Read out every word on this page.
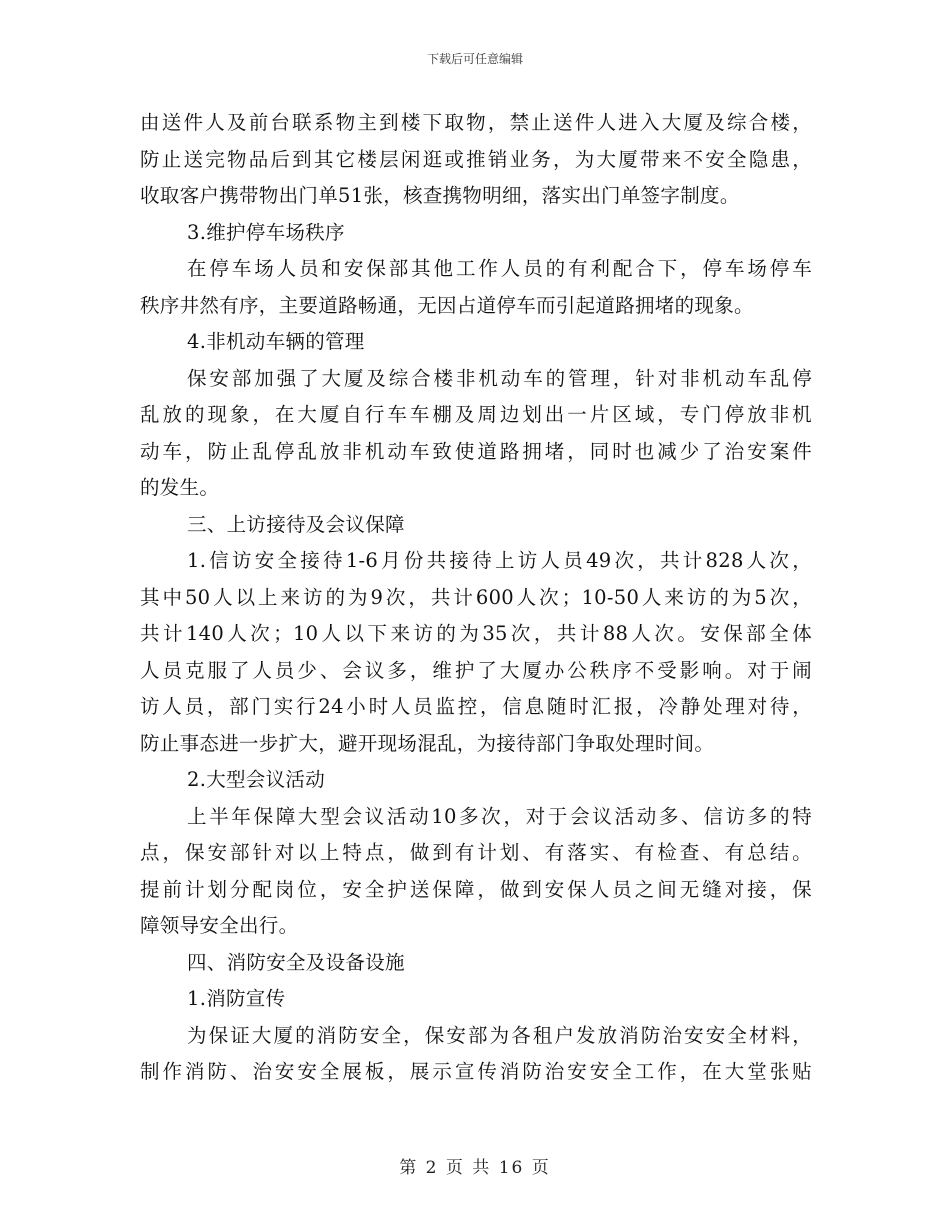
下载后可任意编辑

由送件人及前台联系物主到楼下取物，禁止送件人进入大厦及综合楼，

防止送完物品后到其它楼层闲逛或推销业务，为大厦带来不安全隐患，

收取客户携带物出门单51张，核查携物明细，落实出门单签字制度。

3.维护停车场秩序

在停车场人员和安保部其他工作人员的有利配合下，停车场停车

秩序井然有序，主要道路畅通，无因占道停车而引起道路拥堵的现象。

4.非机动车辆的管理

保安部加强了大厦及综合楼非机动车的管理，针对非机动车乱停

乱放的现象，在大厦自行车车棚及周边划出一片区域，专门停放非机

动车，防止乱停乱放非机动车致使道路拥堵，同时也减少了治安案件

的发生。

三、上访接待及会议保障

1.信访安全接待1-6月份共接待上访人员49次，共计828人次，

其中50人以上来访的为9次，共计600人次；10-50人来访的为5次，

共计140人次；10人以下来访的为35次，共计88人次。安保部全体

人员克服了人员少、会议多，维护了大厦办公秩序不受影响。对于闹

访人员，部门实行24小时人员监控，信息随时汇报，冷静处理对待，

防止事态进一步扩大，避开现场混乱，为接待部门争取处理时间。

2.大型会议活动

上半年保障大型会议活动10多次，对于会议活动多、信访多的特

点，保安部针对以上特点，做到有计划、有落实、有检查、有总结。

提前计划分配岗位，安全护送保障，做到安保人员之间无缝对接，保

障领导安全出行。

四、消防安全及设备设施

1.消防宣传

为保证大厦的消防安全，保安部为各租户发放消防治安安全材料，

制作消防、治安安全展板，展示宣传消防治安安全工作，在大堂张贴

第 2 页 共 16 页
